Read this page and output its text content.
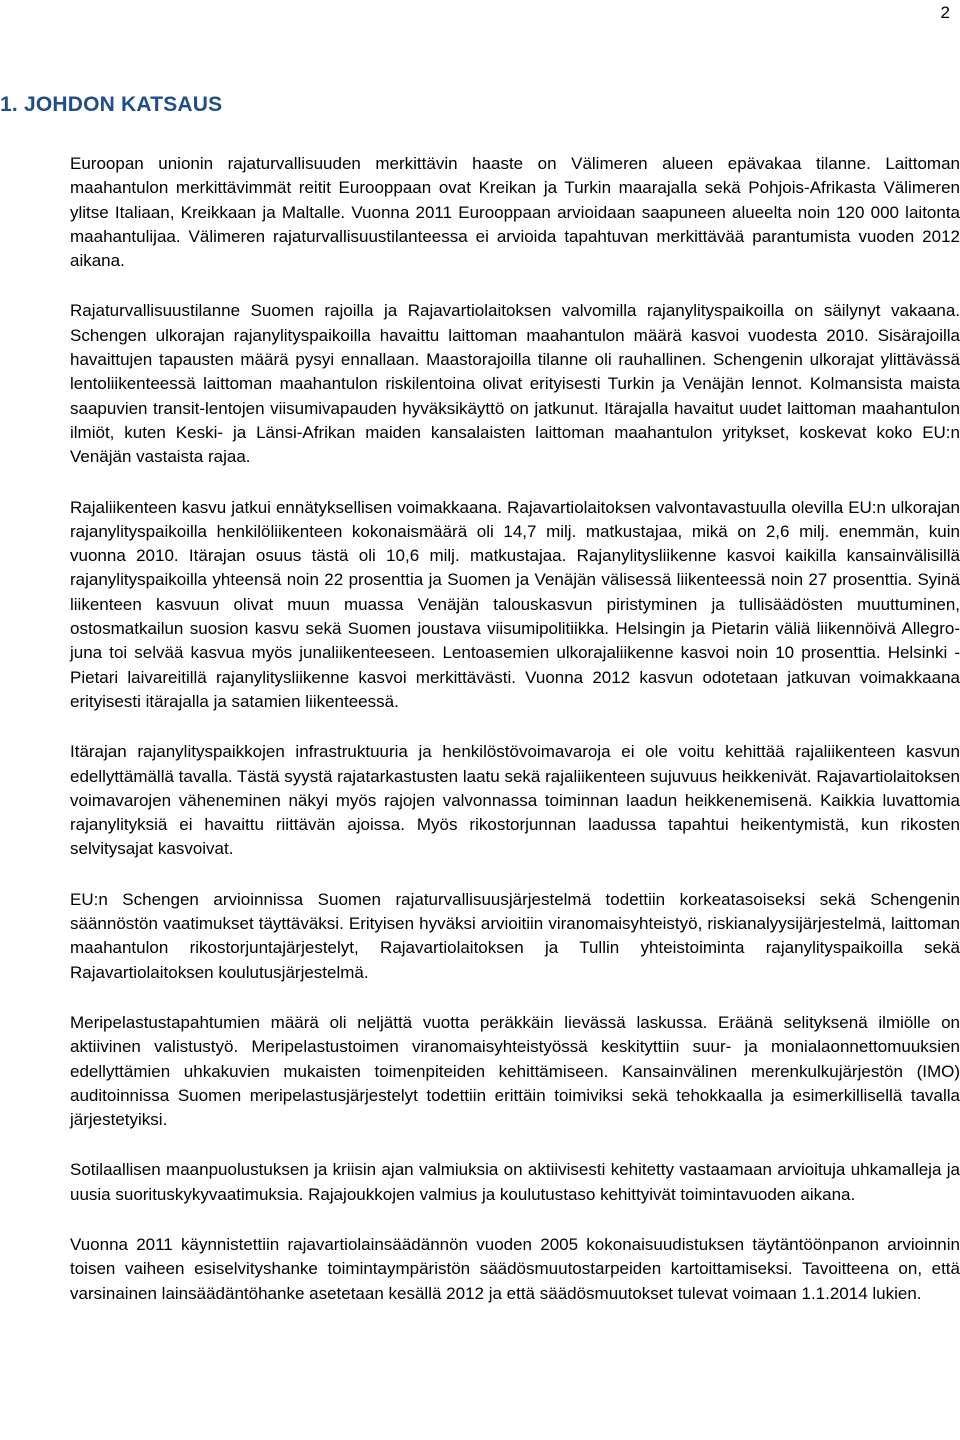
2
1. JOHDON KATSAUS

Euroopan unionin rajaturvallisuuden merkittävin haaste on Välimeren alueen epävakaa tilanne. Laittoman maahantulon merkittävimmät reitit Eurooppaan ovat Kreikan ja Turkin maarajalla sekä Pohjois-Afrikasta Välimeren ylitse Italiaan, Kreikkaan ja Maltalle. Vuonna 2011 Eurooppaan arvioidaan saapuneen alueelta noin 120 000 laitonta maahantulijaa. Välimeren rajaturvallisuustilanteessa ei arvioida tapahtuvan merkittävää parantumista vuoden 2012 aikana.

Rajaturvallisuustilanne Suomen rajoilla ja Rajavartiolaitoksen valvomilla rajanylityspaikoilla on säilynyt vakaana. Schengen ulkorajan rajanylityspaikoilla havaittu laittoman maahantulon määrä kasvoi vuodesta 2010. Sisärajoilla havaittujen tapausten määrä pysyi ennallaan. Maastorajoilla tilanne oli rauhallinen. Schengenin ulkorajat ylittävässä lentoliikenteessä laittoman maahantulon riskilentoina olivat erityisesti Turkin ja Venäjän lennot. Kolmansista maista saapuvien transit-lentojen viisumivapauden hyväksikäyttö on jatkunut. Itärajalla havaitut uudet laittoman maahantulon ilmiöt, kuten Keski- ja Länsi-Afrikan maiden kansalaisten laittoman maahantulon yritykset, koskevat koko EU:n Venäjän vastaista rajaa.

Rajaliikenteen kasvu jatkui ennätyksellisen voimakkaana. Rajavartiolaitoksen valvontavastuulla olevilla EU:n ulkorajan rajanylityspaikoilla henkilöliikenteen kokonaismäärä oli 14,7 milj. matkustajaa, mikä on 2,6 milj. enemmän, kuin vuonna 2010. Itärajan osuus tästä oli 10,6 milj. matkustajaa. Rajanylitysliikenne kasvoi kaikilla kansainvälisillä rajanylityspaikoilla yhteensä noin 22 prosenttia ja Suomen ja Venäjän välisessä liikenteessä noin 27 prosenttia. Syinä liikenteen kasvuun olivat muun muassa Venäjän talouskasvun piristyminen ja tullisäädösten muuttuminen, ostosmatkailun suosion kasvu sekä Suomen joustava viisumipolitiikka. Helsingin ja Pietarin väliä liikennöivä Allegro-juna toi selvää kasvua myös junaliikenteeseen. Lentoasemien ulkorajaliikenne kasvoi noin 10 prosenttia. Helsinki - Pietari laivareitillä rajanylitysliikenne kasvoi merkittävästi. Vuonna 2012 kasvun odotetaan jatkuvan voimakkaana erityisesti itärajalla ja satamien liikenteessä.

Itärajan rajanylityspaikkojen infrastruktuuria ja henkilöstövoimavaroja ei ole voitu kehittää rajaliikenteen kasvun edellyttämällä tavalla. Tästä syystä rajatarkastusten laatu sekä rajaliikenteen sujuvuus heikkenivät. Rajavartiolaitoksen voimavarojen väheneminen näkyi myös rajojen valvonnassa toiminnan laadun heikkenemisenä. Kaikkia luvattomia rajanylityksiä ei havaittu riittävän ajoissa. Myös rikostorjunnan laadussa tapahtui heikentymistä, kun rikosten selvitysajat kasvoivat.

EU:n Schengen arvioinnissa Suomen rajaturvallisuusjärjestelmä todettiin korkeatasoiseksi sekä Schengenin säännöstön vaatimukset täyttäväksi. Erityisen hyväksi arvioitiin viranomaisyhteistyö, riskianalyysijärjestelmä, laittoman maahantulon rikostorjuntajärjestelyt, Rajavartiolaitoksen ja Tullin yhteistoiminta rajanylityspaikoilla sekä Rajavartiolaitoksen koulutusjärjestelmä.

Meripelastustapahtumien määrä oli neljättä vuotta peräkkäin lievässä laskussa. Eräänä selityksenä ilmiölle on aktiivinen valistustyö. Meripelastustoimen viranomaisyhteistyössä keskityttiin suur- ja monialaonnettomuuksien edellyttämien uhkakuvien mukaisten toimenpiteiden kehittämiseen. Kansainvälinen merenkulkujärjestön (IMO) auditoinnissa Suomen meripelastusjärjestelyt todettiin erittäin toimiviksi sekä tehokkaalla ja esimerkillisellä tavalla järjestetyiksi.

Sotilaallisen maanpuolustuksen ja kriisin ajan valmiuksia on aktiivisesti kehitetty vastaamaan arvioituja uhkamalleja ja uusia suorituskykyvaatimuksia. Rajajoukkojen valmius ja koulutustaso kehittyivät toimintavuoden aikana.

Vuonna 2011 käynnistettiin rajavartiolainsäädännön vuoden 2005 kokonaisuudistuksen täytäntöönpanon arvioinnin toisen vaiheen esiselvityshanke toimintaympäristön säädösmuutostarpeiden kartoittamiseksi. Tavoitteena on, että varsinainen lainsäädäntöhanke asetetaan kesällä 2012 ja että säädösmuutokset tulevat voimaan 1.1.2014 lukien.
